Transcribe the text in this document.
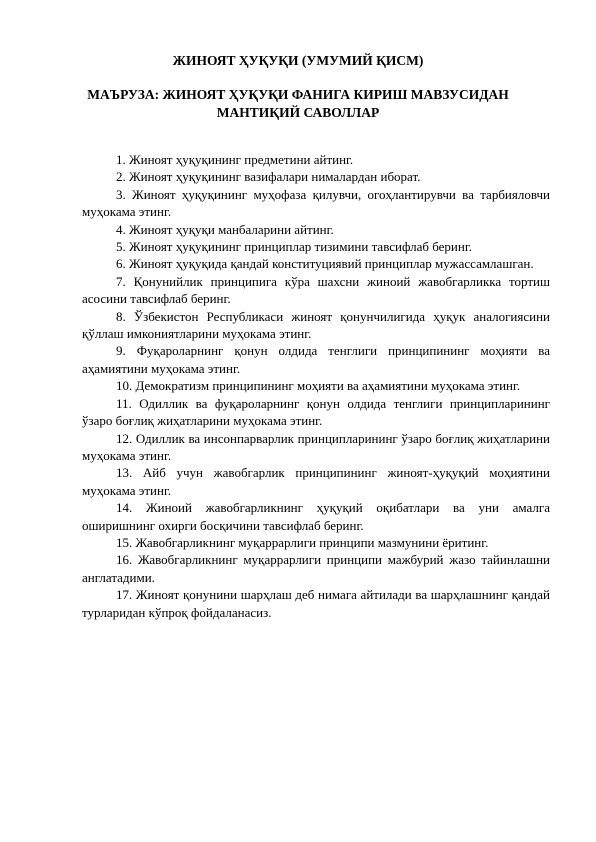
ЖИНОЯТ ҲУҚУҚИ (УМУМИЙ ҚИСМ)
МАЪРУЗА: ЖИНОЯТ ҲУҚУҚИ ФАНИГА КИРИШ МАВЗУСИДАН МАНТИҚИЙ САВОЛЛАР
1. Жиноят ҳуқуқининг предметини айтинг.
2. Жиноят ҳуқуқининг вазифалари нималардан иборат.
3. Жиноят ҳуқуқининг муҳофаза қилувчи, огоҳлантирувчи ва тарбияловчи муҳокама этинг.
4. Жиноят ҳуқуқи манбаларини айтинг.
5. Жиноят ҳуқуқининг принциплар тизимини тавсифлаб беринг.
6. Жиноят ҳуқуқида қандай конституциявий принциплар мужассамлашган.
7. Қонунийлик принципига кўра шахсни жиноий жавобгарликка тортиш асосини тавсифлаб беринг.
8. Ўзбекистон Республикаси жиноят қонунчилигида ҳуқук аналогиясини қўллаш имкониятларини муҳокама этинг.
9. Фуқароларнинг қонун олдида тенглиги принципининг моҳияти ва аҳамиятини муҳокама этинг.
10. Демократизм принципининг моҳияти ва аҳамиятини муҳокама этинг.
11. Одиллик ва фуқароларнинг қонун олдида тенглиги принципларининг ўзаро боғлиқ жиҳатларини муҳокама этинг.
12. Одиллик ва инсонпарварлик принципларининг ўзаро боғлиқ жиҳатларини муҳокама этинг.
13. Айб учун жавобгарлик принципининг жиноят-ҳуқуқий моҳиятини муҳокама этинг.
14. Жиноий жавобгарликнинг ҳуқуқий оқибатлари ва уни амалга оширишнинг охирги босқичини тавсифлаб беринг.
15. Жавобгарликнинг муқаррарлиги принципи мазмунини ёритинг.
16. Жавобгарликнинг муқаррарлиги принципи мажбурий жазо тайинлашни англатадими.
17. Жиноят қонунини шарҳлаш деб нимага айтилади ва шарҳлашнинг қандай турларидан кўпроқ фойдаланасиз.
